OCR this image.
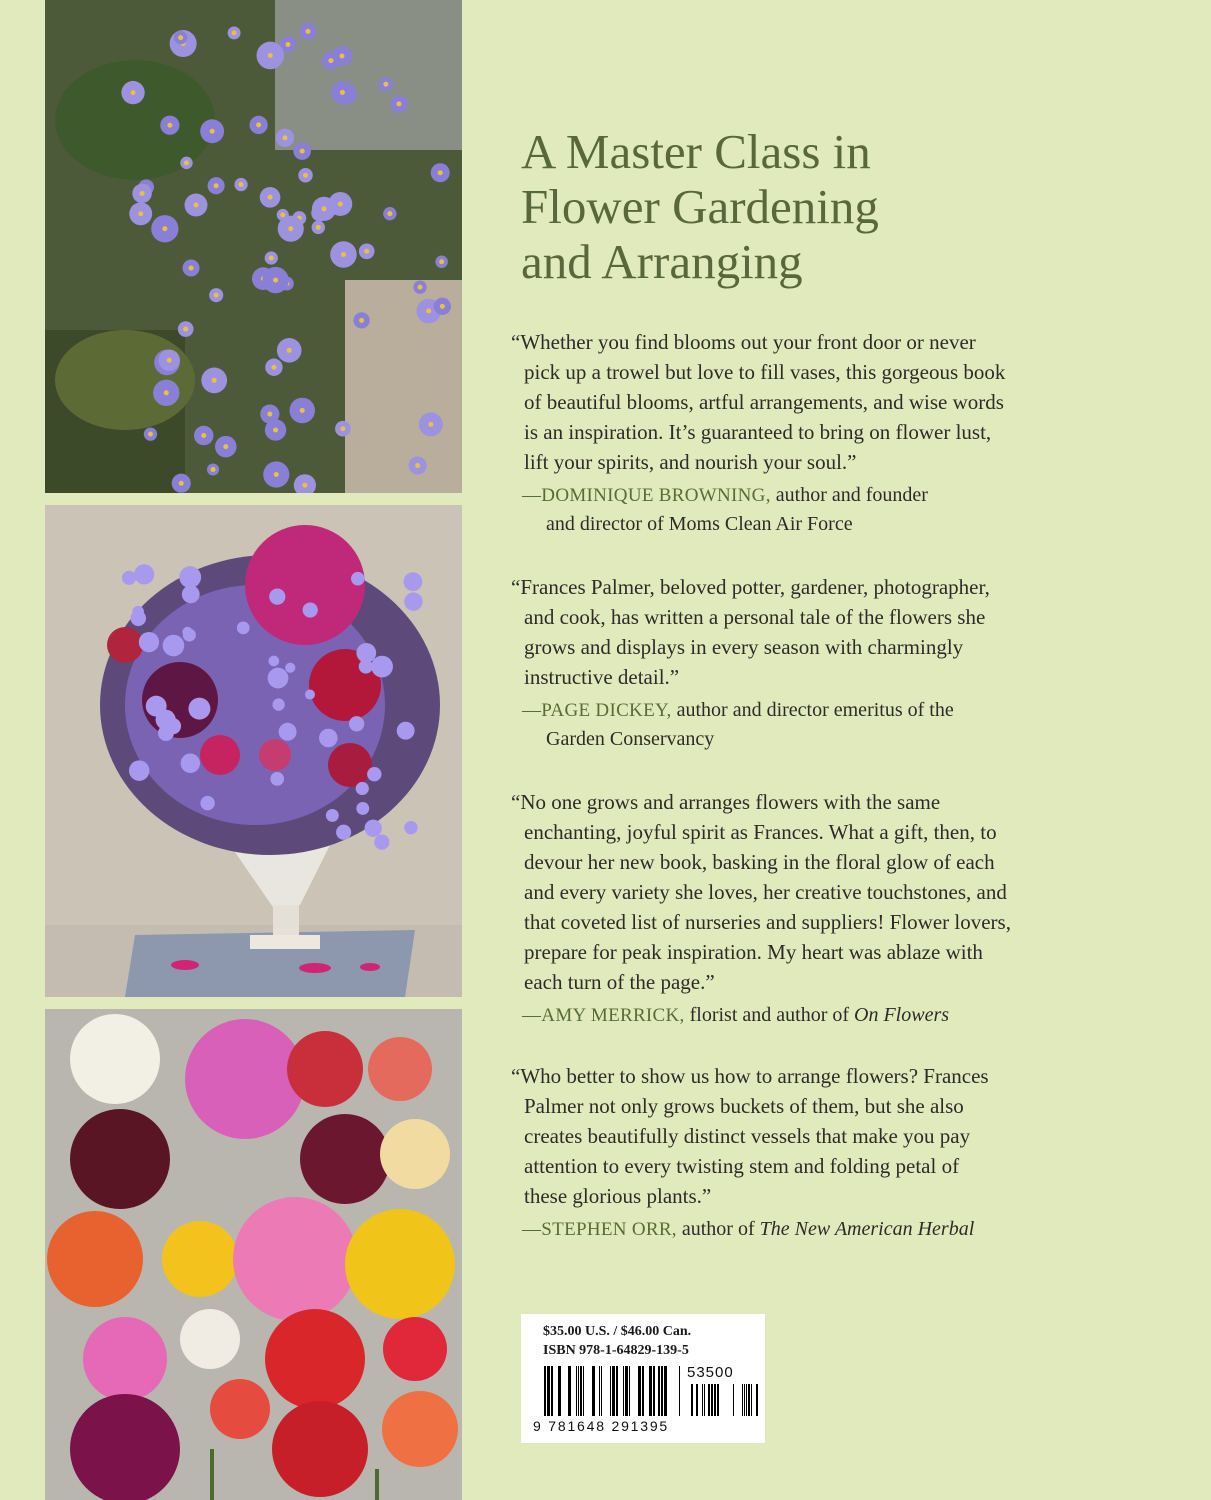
A Master Class in
Flower Gardening
and Arranging

“Whether you find blooms out your front door or never
pick up a trowel but love to fill vases, this gorgeous book
of beautiful blooms, artful arrangements, and wise words
is an inspiration. It’s guaranteed to bring on flower lust,
lift your spirits, and nourish your soul.”

—DOMINIQUE BROWNING, author and founder
and director of Moms Clean Air Force

“Frances Palmer, beloved potter, gardener, photographer,
and cook, has written a personal tale of the flowers she
grows and displays in every season with charmingly
instructive detail.”

—PAGE DICKEY, author and director emeritus of the
Garden Conservancy

“No one grows and arranges flowers with the same
enchanting, joyful spirit as Frances. What a gift, then, to
devour her new book, basking in the floral glow of each
and every variety she loves, her creative touchstones, and
that coveted list of nurseries and suppliers! Flower lovers,
prepare for peak inspiration. My heart was ablaze with
each turn of the page.”

—AMY MERRICK, florist and author of On Flowers

“Who better to show us how to arrange flowers? Frances
Palmer not only grows buckets of them, but she also
creates beautifully distinct vessels that make you pay
attention to every twisting stem and folding petal of
these glorious plants.”

—STEPHEN ORR, author of The New American Herbal
$35.00 U.S. / $46.00 Can.
ISBN 978-1-64829-139-5
53500
9 781648 291395
